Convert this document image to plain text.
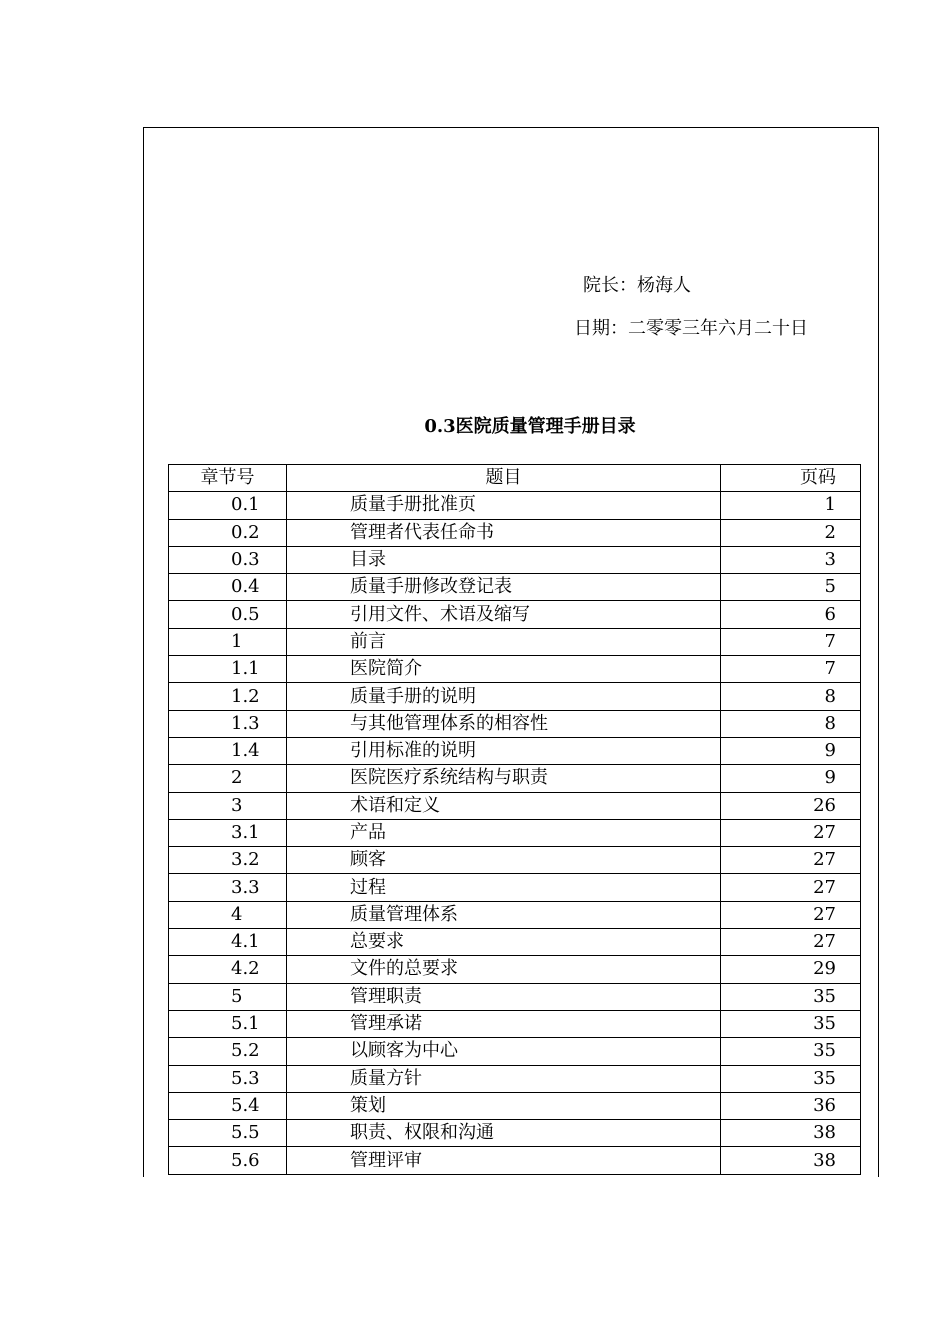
院长：杨海人
日期：二零零三年六月二十日
0.3医院质量管理手册目录
章节号	题目	页码
0.1	质量手册批准页	1
0.2	管理者代表任命书	2
0.3	目录	3
0.4	质量手册修改登记表	5
0.5	引用文件、术语及缩写	6
1	前言	7
1.1	医院简介	7
1.2	质量手册的说明	8
1.3	与其他管理体系的相容性	8
1.4	引用标准的说明	9
2	医院医疗系统结构与职责	9
3	术语和定义	26
3.1	产品	27
3.2	顾客	27
3.3	过程	27
4	质量管理体系	27
4.1	总要求	27
4.2	文件的总要求	29
5	管理职责	35
5.1	管理承诺	35
5.2	以顾客为中心	35
5.3	质量方针	35
5.4	策划	36
5.5	职责、权限和沟通	38
5.6	管理评审	38
